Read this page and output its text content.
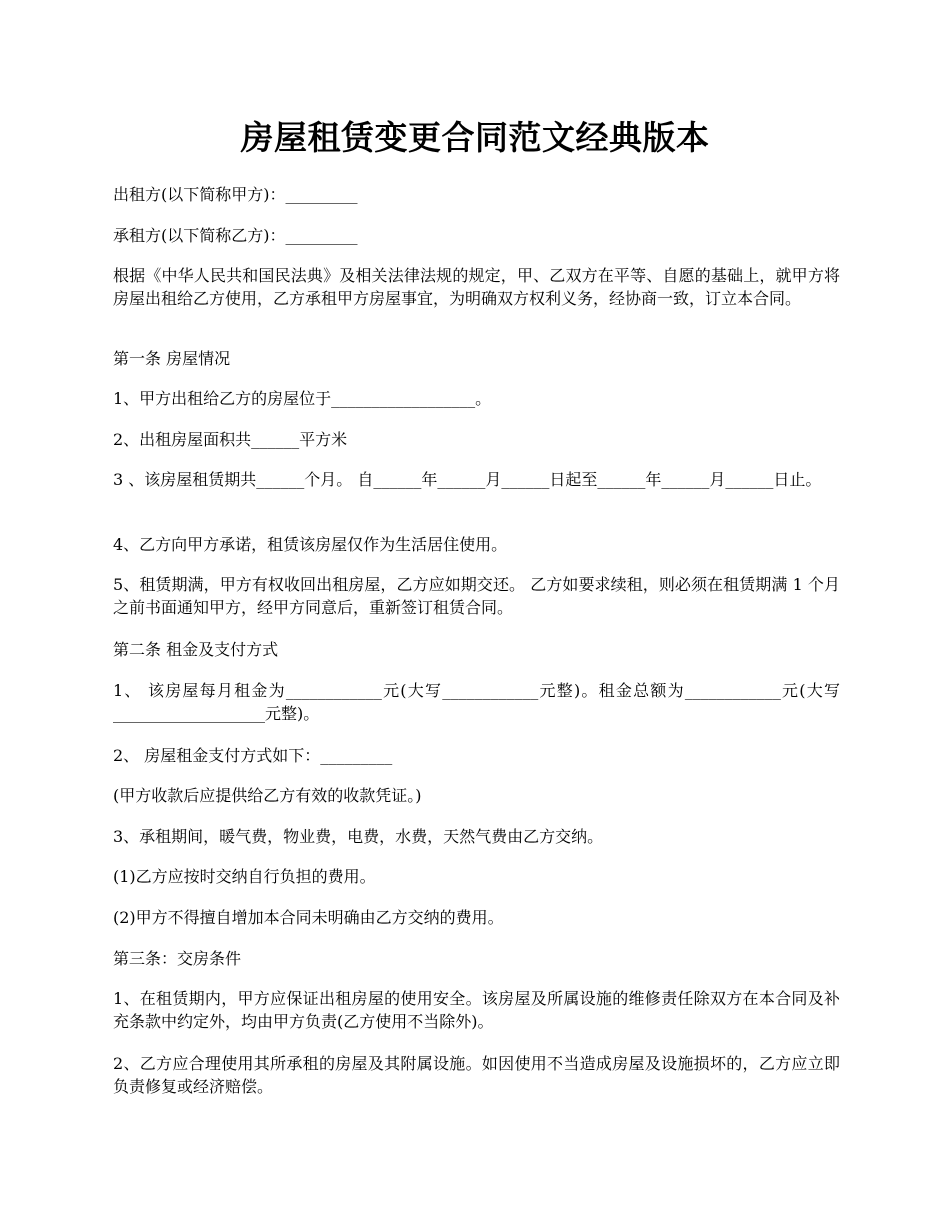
房屋租赁变更合同范文经典版本

出租方(以下简称甲方)：_________

承租方(以下简称乙方)：_________

根据《中华人民共和国民法典》及相关法律法规的规定，甲、乙双方在平等、自愿的基础上，就甲方将房屋出租给乙方使用，乙方承租甲方房屋事宜，为明确双方权利义务，经协商一致，订立本合同。

第一条 房屋情况

1、甲方出租给乙方的房屋位于__________________。

2、出租房屋面积共______平方米

3 、该房屋租赁期共______个月。 自______年______月______日起至______年______月______日止。

4、乙方向甲方承诺，租赁该房屋仅作为生活居住使用。

5、租赁期满，甲方有权收回出租房屋，乙方应如期交还。 乙方如要求续租，则必须在租赁期满 1 个月之前书面通知甲方，经甲方同意后，重新签订租赁合同。

第二条 租金及支付方式

1、 该房屋每月租金为____________元(大写____________元整)。租金总额为____________元(大写___________________元整)。

2、 房屋租金支付方式如下：_________

(甲方收款后应提供给乙方有效的收款凭证。)

3、承租期间，暖气费，物业费，电费，水费，天然气费由乙方交纳。

(1)乙方应按时交纳自行负担的费用。

(2)甲方不得擅自增加本合同未明确由乙方交纳的费用。

第三条：交房条件

1、在租赁期内，甲方应保证出租房屋的使用安全。该房屋及所属设施的维修责任除双方在本合同及补充条款中约定外，均由甲方负责(乙方使用不当除外)。

2、乙方应合理使用其所承租的房屋及其附属设施。如因使用不当造成房屋及设施损坏的，乙方应立即负责修复或经济赔偿。
